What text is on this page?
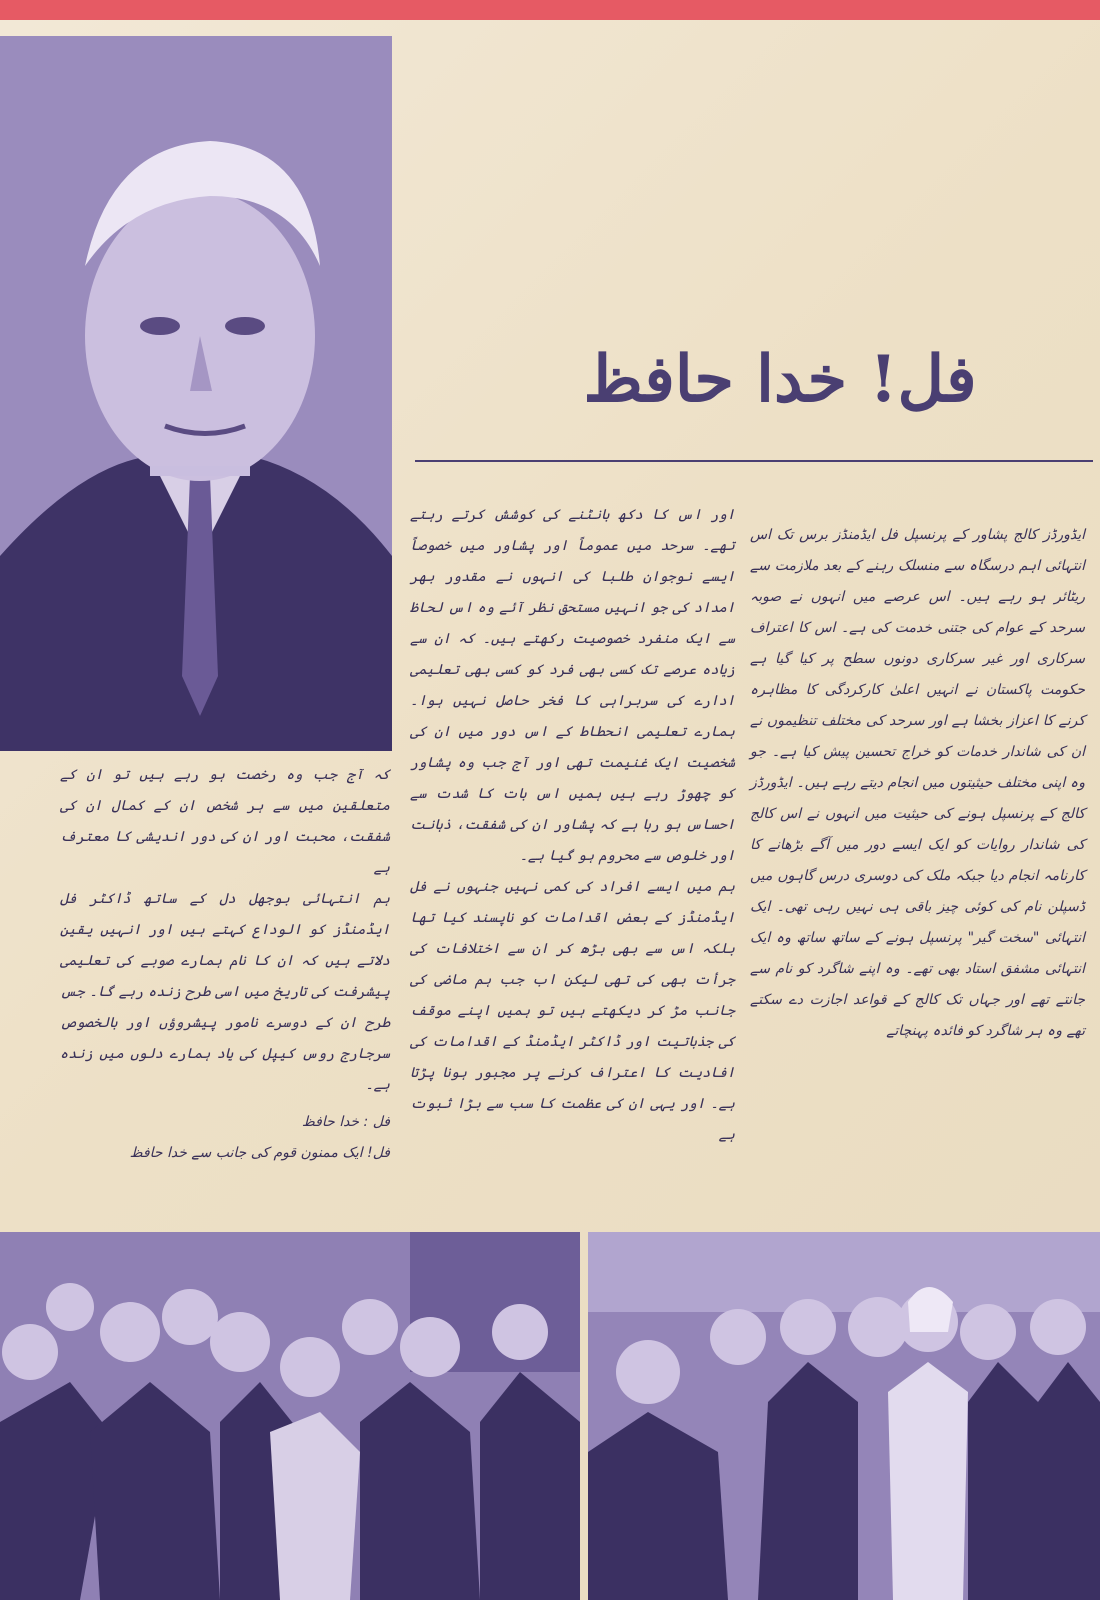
فل! خدا حافظ

ایڈورڈز کالج پشاور کے پرنسپل فل ایڈمنڈز برس تک اس انتہائی اہم درسگاہ سے منسلک رہنے کے بعد ملازمت سے ریٹائر ہو رہے ہیں۔ اس عرصے میں انہوں نے صوبہ سرحد کے عوام کی جتنی خدمت کی ہے۔ اس کا اعتراف سرکاری اور غیر سرکاری دونوں سطح پر کیا گیا ہے حکومت پاکستان نے انہیں اعلیٰ کارکردگی کا مظاہرہ کرنے کا اعزاز بخشا ہے اور سرحد کی مختلف تنظیموں نے ان کی شاندار خدمات کو خراج تحسین پیش کیا ہے۔ جو وہ اپنی مختلف حیثیتوں میں انجام دیتے رہے ہیں۔ ایڈورڈز کالج کے پرنسپل ہونے کی حیثیت میں انہوں نے اس کالج کی شاندار روایات کو ایک ایسے دور میں آگے بڑھانے کا کارنامہ انجام دیا جبکہ ملک کی دوسری درس گاہوں میں ڈسپلن نام کی کوئی چیز باقی ہی نہیں رہی تھی۔ ایک انتہائی "سخت گیر" پرنسپل ہونے کے ساتھ ساتھ وہ ایک انتہائی مشفق استاد بھی تھے۔ وہ اپنے شاگرد کو نام سے جانتے تھے اور جہاں تک کالج کے قواعد اجازت دے سکتے تھے وہ ہر شاگرد کو فائدہ پہنچاتے

اور اس کا دکھ بانٹنے کی کوشش کرتے رہتے تھے۔ سرحد میں عموماً اور پشاور میں خصوصاً ایسے نوجوان طلبا کی انہوں نے مقدور بھر امداد کی جو انہیں مستحق نظر آئے وہ اس لحاظ سے ایک منفرد خصوصیت رکھتے ہیں۔ کہ ان سے زیادہ عرصے تک کسی بھی فرد کو کسی بھی تعلیمی ادارے کی سربراہی کا فخر حاصل نہیں ہوا۔ ہمارے تعلیمی انحطاط کے اس دور میں ان کی شخصیت ایک غنیمت تھی اور آج جب وہ پشاور کو چھوڑ رہے ہیں ہمیں اس بات کا شدت سے احساس ہو رہا ہے کہ پشاور ان کی شفقت، ذہانت اور خلوص سے محروم ہو گیا ہے۔

ہم میں ایسے افراد کی کمی نہیں جنہوں نے فل ایڈمنڈز کے بعض اقدامات کو ناپسند کیا تھا بلکہ اس سے بھی بڑھ کر ان سے اختلافات کی جرأت بھی کی تھی لیکن اب جب ہم ماضی کی جانب مڑ کر دیکھتے ہیں تو ہمیں اپنے موقف کی جذباتیت اور ڈاکٹر ایڈمنڈ کے اقدامات کی افادیت کا اعتراف کرنے پر مجبور ہونا پڑتا ہے۔ اور یہی ان کی عظمت کا سب سے بڑا ثبوت ہے

کہ آج جب وہ رخصت ہو رہے ہیں تو ان کے متعلقین میں سے ہر شخص ان کے کمال ان کی شفقت، محبت اور ان کی دور اندیشی کا معترف ہے

ہم انتہائی بوجھل دل کے ساتھ ڈاکٹر فل ایڈمنڈز کو الوداع کہتے ہیں اور انہیں یقین دلاتے ہیں کہ ان کا نام ہمارے صوبے کی تعلیمی پیشرفت کی تاریخ میں اسی طرح زندہ رہے گا۔ جس طرح ان کے دوسرے نامور پیشروؤں اور بالخصوص سرجارج روس کیپل کی یاد ہمارے دلوں میں زندہ ہے۔

فل : خدا حافظ

فل! ایک ممنون قوم کی جانب سے خدا حافظ
